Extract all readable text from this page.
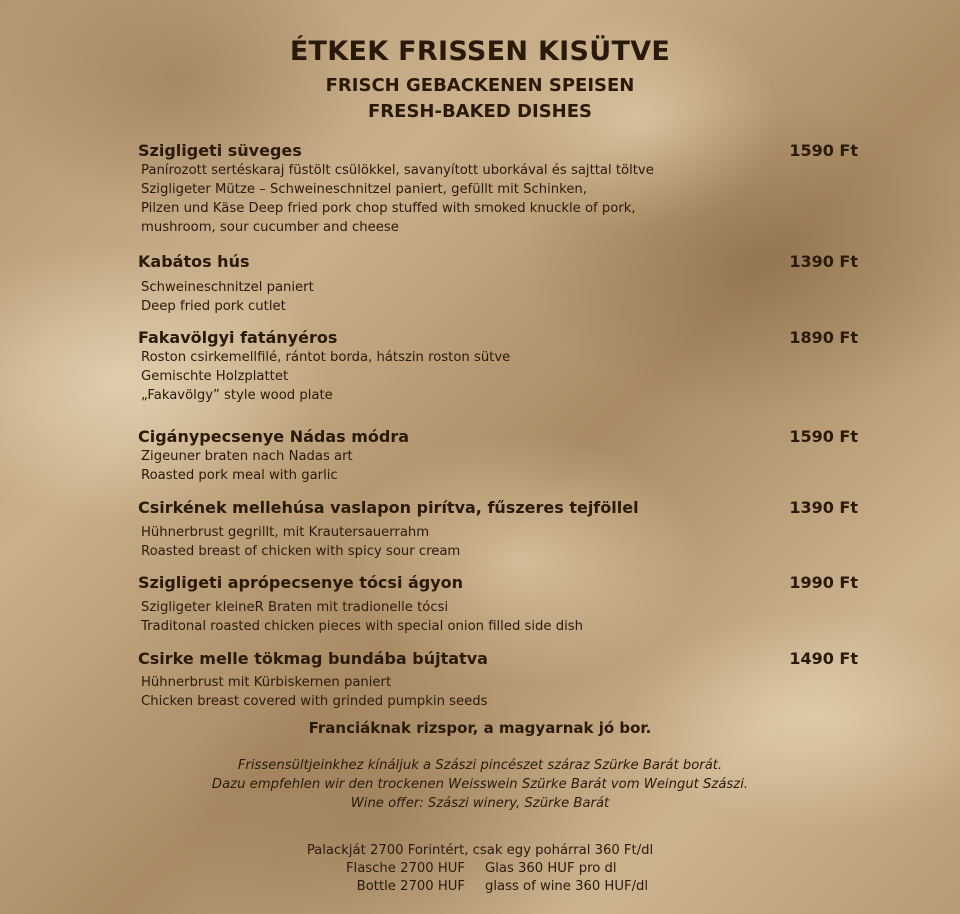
ÉTKEK FRISSEN KISÜTVE
FRISCH GEBACKENEN SPEISEN
FRESH-BAKED DISHES
Szigligeti süveges	1590 Ft
Panírozott sertéskaraj füstölt csülökkel, savanyított uborkával és sajttal töltve
Szigligeter Mütze – Schweineschnitzel paniert, gefüllt mit Schinken,
Pilzen und Käse Deep fried pork chop stuffed with smoked knuckle of pork,
mushroom, sour cucumber and cheese
Kabátos hús	1390 Ft
Schweineschnitzel paniert
Deep fried pork cutlet
Fakavölgyi fatányéros	1890 Ft
Roston csirkemellfilé, rántot borda, hátszin roston sütve
Gemischte Holzplattet
„Fakavölgy” style wood plate
Cigánypecsenye Nádas módra	1590 Ft
Zigeuner braten nach Nadas art
Roasted pork meal with garlic
Csirkének mellehúsa vaslapon pirítva, fűszeres tejföllel	1390 Ft
Hühnerbrust gegrillt, mit Krautersauerrahm
Roasted breast of chicken with spicy sour cream
Szigligeti aprópecsenye tócsi ágyon	1990 Ft
Szigligeter kleineR Braten mit tradionelle tócsi
Traditonal roasted chicken pieces with special onion filled side dish
Csirke melle tökmag bundába bújtatva	1490 Ft
Hühnerbrust mit Kürbiskernen paniert
Chicken breast covered with grinded pumpkin seeds
Franciáknak rizspor, a magyarnak jó bor.
Frissensültjeinkhez kínáljuk a Szászi pincészet száraz Szürke Barát borát.
Dazu empfehlen wir den trockenen Weisswein Szürke Barát vom Weingut Szászi.
Wine offer: Szászi winery, Szürke Barát
Palackját 2700 Forintért, csak egy pohárral 360 Ft/dl
Flasche 2700 HUF Glas 360 HUF pro dl
Bottle 2700 HUF glass of wine 360 HUF/dl
